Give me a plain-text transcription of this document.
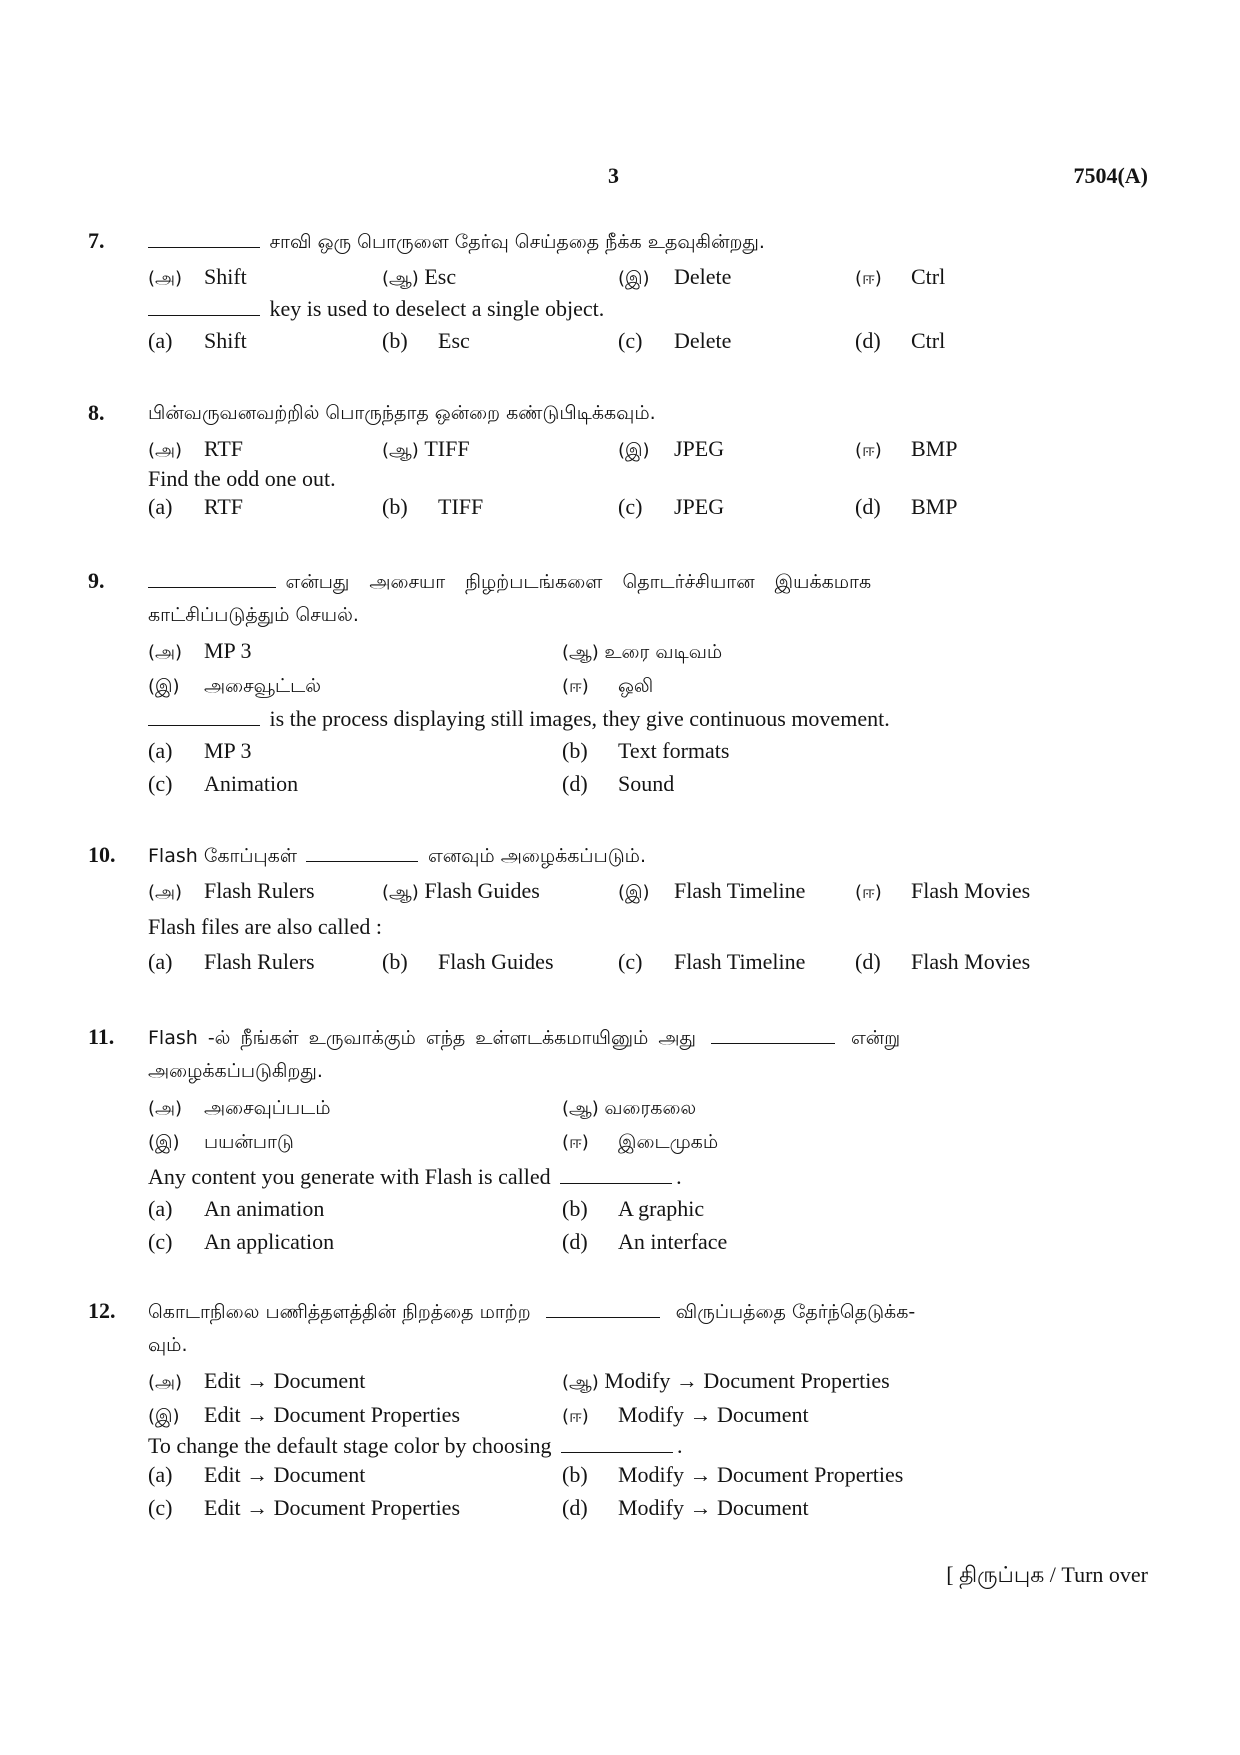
3	7504(A)
7.	சாவி ஒரு பொருளை தேர்வு செய்ததை நீக்க உதவுகின்றது.
(அ) Shift	(ஆ) Esc	(இ) Delete	(ஈ) Ctrl
key is used to deselect a single object.
(a) Shift	(b) Esc	(c) Delete	(d) Ctrl
8. பின்வருவனவற்றில் பொருந்தாத ஒன்றை கண்டுபிடிக்கவும்.
(அ) RTF	(ஆ) TIFF	(இ) JPEG	(ஈ) BMP
Find the odd one out.
(a) RTF	(b) TIFF	(c) JPEG	(d) BMP
9.	என்பது அசையா நிழற்படங்களை தொடர்ச்சியான இயக்கமாக
காட்சிப்படுத்தும் செயல்.
(அ) MP 3	(ஆ) உரை வடிவம்
(இ) அசைவூட்டல்	(ஈ) ஒலி
is the process displaying still images, they give continuous movement.
(a) MP 3	(b) Text formats
(c) Animation	(d) Sound
10. Flash கோப்புகள்	எனவும் அழைக்கப்படும்.
(அ) Flash Rulers	(ஆ) Flash Guides	(இ) Flash Timeline	(ஈ) Flash Movies
Flash files are also called :
(a) Flash Rulers	(b) Flash Guides	(c) Flash Timeline (d) Flash Movies
11. Flash -ல் நீங்கள் உருவாக்கும் எந்த உள்ளடக்கமாயினும் அது	என்று
அழைக்கப்படுகிறது.
(அ) அசைவுப்படம்	(ஆ) வரைகலை
(இ) பயன்பாடு	(ஈ) இடைமுகம்
Any content you generate with Flash is called	.
(a) An animation	(b) A graphic
(c) An application	(d) An interface
12. கொடாநிலை பணித்தளத்தின் நிறத்தை மாற்ற	விருப்பத்தை தேர்ந்தெடுக்க-
வும்.
(அ) Edit → Document	(ஆ) Modify → Document Properties
(இ) Edit → Document Properties	(ஈ) Modify → Document
To change the default stage color by choosing	.
(a) Edit → Document	(b) Modify → Document Properties
(c) Edit → Document Properties	(d) Modify → Document
[ திருப்புக / Turn over
